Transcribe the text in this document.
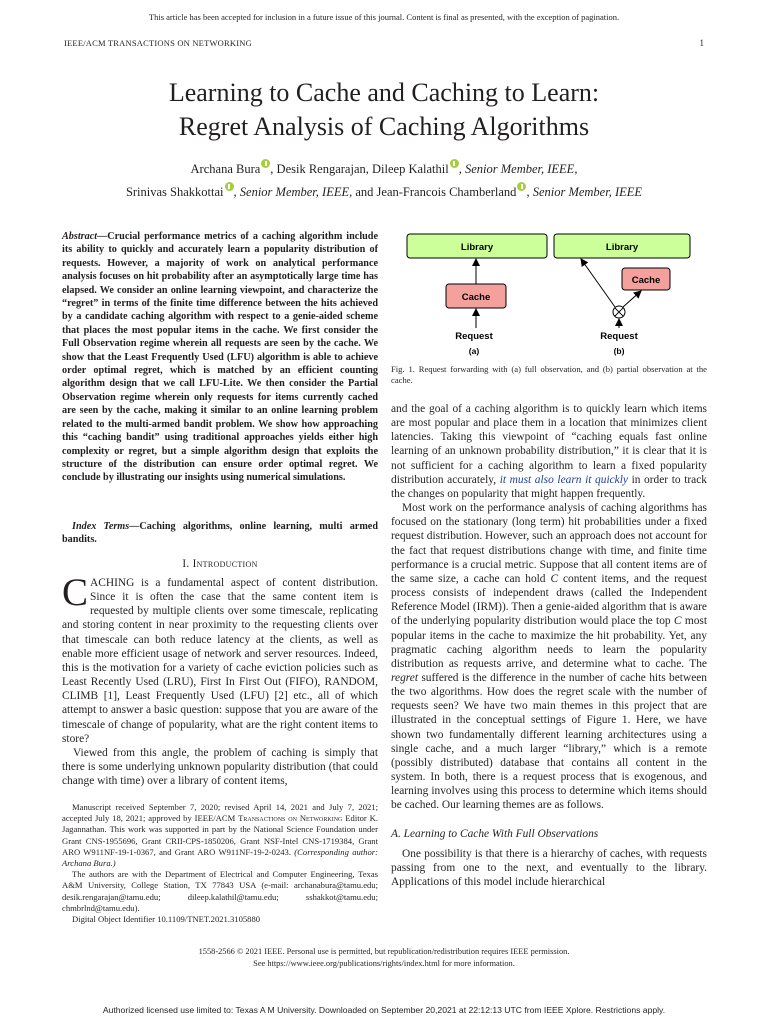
This article has been accepted for inclusion in a future issue of this journal. Content is final as presented, with the exception of pagination.
IEEE/ACM TRANSACTIONS ON NETWORKING	1
Learning to Cache and Caching to Learn:
Regret Analysis of Caching Algorithms
Archana Bura , Desik Rengarajan, Dileep Kalathil , Senior Member, IEEE,
Srinivas Shakkottai , Senior Member, IEEE, and Jean-Francois Chamberland , Senior Member, IEEE

Abstract—Crucial performance metrics of a caching algorithm include its ability to quickly and accurately learn a popularity distribution of requests. However, a majority of work on analytical performance analysis focuses on hit probability after an asymptotically large time has elapsed. We consider an online learning viewpoint, and characterize the “regret” in terms of the finite time difference between the hits achieved by a candidate caching algorithm with respect to a genie-aided scheme that places the most popular items in the cache. We first consider the Full Observation regime wherein all requests are seen by the cache. We show that the Least Frequently Used (LFU) algorithm is able to achieve order optimal regret, which is matched by an efficient counting algorithm design that we call LFU-Lite. We then consider the Partial Observation regime wherein only requests for items currently cached are seen by the cache, making it similar to an online learning problem related to the multi-armed bandit problem. We show how approaching this “caching bandit” using traditional approaches yields either high complexity or regret, but a simple algorithm design that exploits the structure of the distribution can ensure order optimal regret. We conclude by illustrating our insights using numerical simulations.

Index Terms—Caching algorithms, online learning, multi armed bandits.

I. Introduction

CACHING is a fundamental aspect of content distribution. Since it is often the case that the same content item is requested by multiple clients over some timescale, replicating and storing content in near proximity to the requesting clients over that timescale can both reduce latency at the clients, as well as enable more efficient usage of network and server resources. Indeed, this is the motivation for a variety of cache eviction policies such as Least Recently Used (LRU), First In First Out (FIFO), RANDOM, CLIMB [1], Least Frequently Used (LFU) [2] etc., all of which attempt to answer a basic question: suppose that you are aware of the timescale of change of popularity, what are the right content items to store?

Viewed from this angle, the problem of caching is simply that there is some underlying unknown popularity distribution (that could change with time) over a library of content items,

Manuscript received September 7, 2020; revised April 14, 2021 and July 7, 2021; accepted July 18, 2021; approved by IEEE/ACM Transactions on Networking Editor K. Jagannathan. This work was supported in part by the National Science Foundation under Grant CNS-1955696, Grant CRII-CPS-1850206, Grant NSF-Intel CNS-1719384, Grant ARO W911NF-19-1-0367, and Grant ARO W911NF-19-2-0243. (Corresponding author: Archana Bura.)

The authors are with the Department of Electrical and Computer Engineering, Texas A&M University, College Station, TX 77843 USA (e-mail: archanabura@tamu.edu; desik.rengarajan@tamu.edu; dileep.kalathil@tamu.edu; sshakkot@tamu.edu; chmbrlnd@tamu.edu).

Digital Object Identifier 10.1109/TNET.2021.3105880

Library
Cache
Request
(a)
Library
Cache
Request
(b)
Fig. 1. Request forwarding with (a) full observation, and (b) partial observation at the cache.

and the goal of a caching algorithm is to quickly learn which items are most popular and place them in a location that minimizes client latencies. Taking this viewpoint of “caching equals fast online learning of an unknown probability distribution,” it is clear that it is not sufficient for a caching algorithm to learn a fixed popularity distribution accurately, it must also learn it quickly in order to track the changes on popularity that might happen frequently.

Most work on the performance analysis of caching algorithms has focused on the stationary (long term) hit probabilities under a fixed request distribution. However, such an approach does not account for the fact that request distributions change with time, and finite time performance is a crucial metric. Suppose that all content items are of the same size, a cache can hold C content items, and the request process consists of independent draws (called the Independent Reference Model (IRM)). Then a genie-aided algorithm that is aware of the underlying popularity distribution would place the top C most popular items in the cache to maximize the hit probability. Yet, any pragmatic caching algorithm needs to learn the popularity distribution as requests arrive, and determine what to cache. The regret suffered is the difference in the number of cache hits between the two algorithms. How does the regret scale with the number of requests seen? We have two main themes in this project that are illustrated in the conceptual settings of Figure 1. Here, we have shown two fundamentally different learning architectures using a single cache, and a much larger “library,” which is a remote (possibly distributed) database that contains all content in the system. In both, there is a request process that is exogenous, and learning involves using this process to determine which items should be cached. Our learning themes are as follows.

A. Learning to Cache With Full Observations

One possibility is that there is a hierarchy of caches, with requests passing from one to the next, and eventually to the library. Applications of this model include hierarchical

1558-2566 © 2021 IEEE. Personal use is permitted, but republication/redistribution requires IEEE permission.
See https://www.ieee.org/publications/rights/index.html for more information.
Authorized licensed use limited to: Texas A M University. Downloaded on September 20,2021 at 22:12:13 UTC from IEEE Xplore. Restrictions apply.
